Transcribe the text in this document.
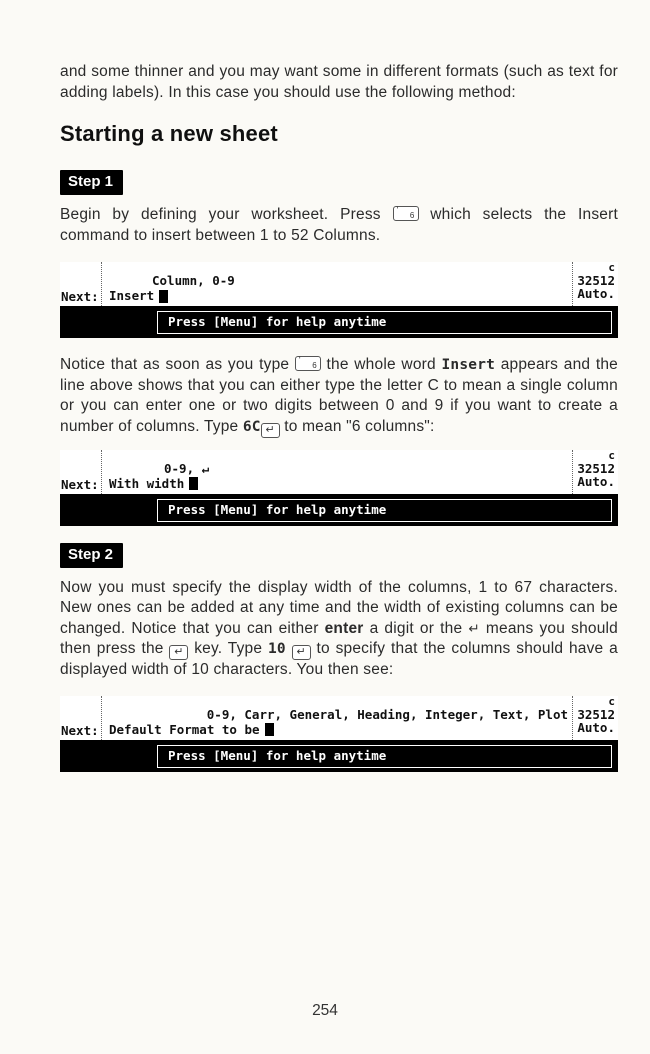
and some thinner and you may want some in different formats (such as text for adding labels). In this case you should use the following method:

Starting a new sheet
Step 1

Begin by defining your worksheet. Press '
6 which selects the Insert command to insert between 1 to 52 Columns.

Next:
Column, 0-9
Insert
c
32512
Auto.
Press [Menu] for help anytime

Notice that as soon as you type '
6 the whole word Insert appears and the line above shows that you can either type the letter C to mean a single column or you can enter one or two digits between 0 and 9 if you want to create a number of columns. Type 6C ↵ to mean "6 columns":

Next:
0-9, ↵
With width
c
32512
Auto.
Press [Menu] for help anytime
Step 2

Now you must specify the display width of the columns, 1 to 67 characters. New ones can be added at any time and the width of existing columns can be changed. Notice that you can either enter a digit or the ↵ means you should then press the ↵ key. Type 10 ↵ to specify that the columns should have a displayed width of 10 characters. You then see:

Next:
0-9, Carr, General, Heading, Integer, Text, Plot
Default Format to be
c
32512
Auto.
Press [Menu] for help anytime
254
